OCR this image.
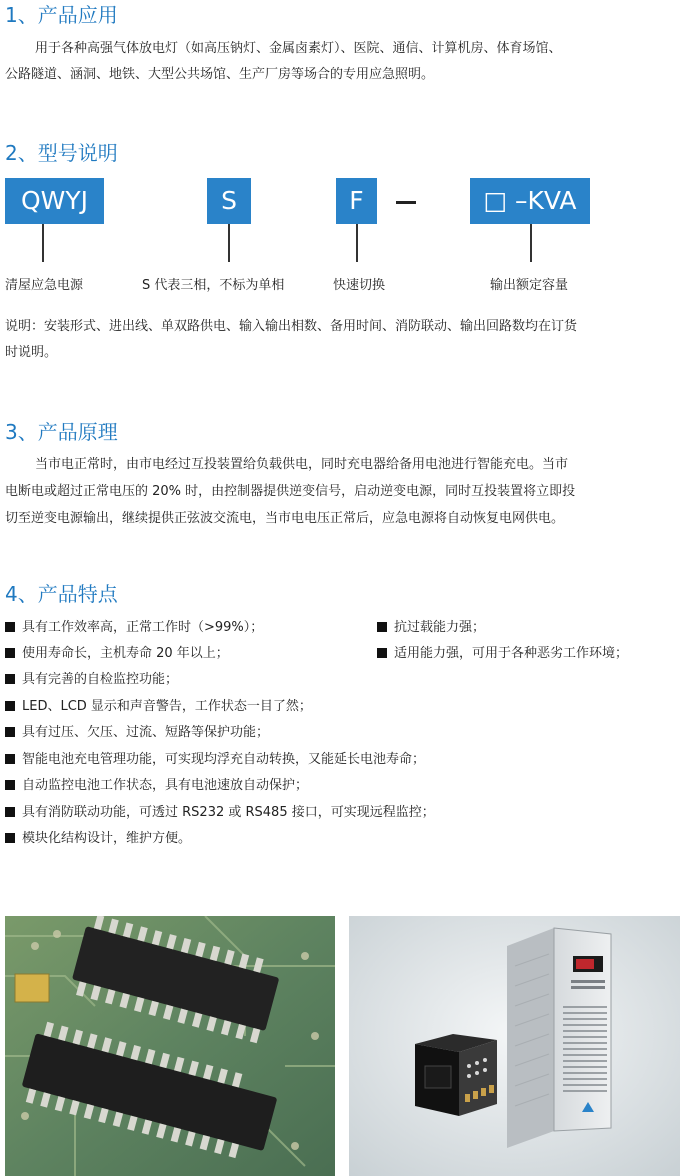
1、产品应用
用于各种高强气体放电灯（如高压钠灯、金属卤素灯）、医院、通信、计算机房、体育场馆、
公路隧道、涵洞、地铁、大型公共场馆、生产厂房等场合的专用应急照明。
2、型号说明
QWYJ	S	F	□ –KVA
清屋应急电源	S 代表三相，不标为单相	快速切换	输出额定容量
说明：安装形式、进出线、单双路供电、输入输出相数、备用时间、消防联动、输出回路数均在订货
时说明。
3、产品原理
当市电正常时，由市电经过互投装置给负载供电，同时充电器给备用电池进行智能充电。当市
电断电或超过正常电压的 20% 时，由控制器提供逆变信号，启动逆变电源，同时互投装置将立即投
切至逆变电源输出，继续提供正弦波交流电，当市电电压正常后，应急电源将自动恢复电网供电。
4、产品特点
具有工作效率高，正常工作时（>99%）；
使用寿命长，主机寿命 20 年以上；
具有完善的自检监控功能；
LED、LCD 显示和声音警告，工作状态一目了然；
具有过压、欠压、过流、短路等保护功能；
智能电池充电管理功能，可实现均浮充自动转换，又能延长电池寿命；
自动监控电池工作状态，具有电池速放自动保护；
具有消防联动功能，可透过 RS232 或 RS485 接口，可实现远程监控；
模块化结构设计，维护方便。
抗过载能力强；
适用能力强，可用于各种恶劣工作环境；
